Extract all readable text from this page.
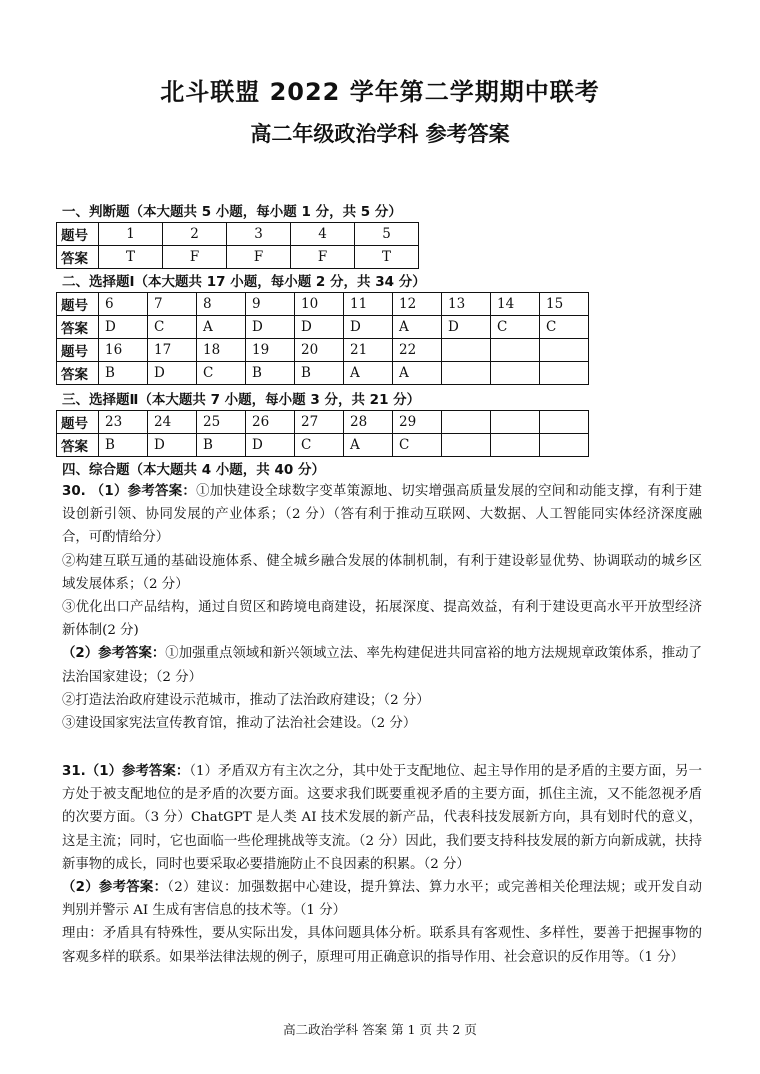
北斗联盟 2022 学年第二学期期中联考
高二年级政治学科 参考答案
一、判断题（本大题共 5 小题，每小题 1 分，共 5 分）
题号	1	2	3	4	5
答案	T	F	F	F	T
二、选择题Ⅰ（本大题共 17 小题，每小题 2 分，共 34 分）
题号	6	7	8	9	10	11	12	13	14	15
答案	D	C	A	D	D	D	A	D	C	C
题号	16	17	18	19	20	21	22			
答案	B	D	C	B	B	A	A			
三、选择题Ⅱ（本大题共 7 小题，每小题 3 分，共 21 分）
题号	23	24	25	26	27	28	29			
答案	B	D	B	D	C	A	C			
四、综合题（本大题共 4 小题，共 40 分）

30. （1）参考答案：①加快建设全球数字变革策源地、切实增强高质量发展的空间和动能支撑，有利于建设创新引领、协同发展的产业体系；（2 分）（答有利于推动互联网、大数据、人工智能同实体经济深度融合，可酌情给分）

②构建互联互通的基础设施体系、健全城乡融合发展的体制机制，有利于建设彰显优势、协调联动的城乡区域发展体系；（2 分）

③优化出口产品结构，通过自贸区和跨境电商建设，拓展深度、提高效益，有利于建设更高水平开放型经济新体制(2 分)

（2）参考答案：①加强重点领域和新兴领域立法、率先构建促进共同富裕的地方法规规章政策体系，推动了法治国家建设；（2 分）

②打造法治政府建设示范城市，推动了法治政府建设；（2 分）

③建设国家宪法宣传教育馆，推动了法治社会建设。（2 分）

31.（1）参考答案：（1）矛盾双方有主次之分，其中处于支配地位、起主导作用的是矛盾的主要方面，另一方处于被支配地位的是矛盾的次要方面。这要求我们既要重视矛盾的主要方面，抓住主流，又不能忽视矛盾的次要方面。（3 分）ChatGPT 是人类 AI 技术发展的新产品，代表科技发展新方向，具有划时代的意义，这是主流；同时，它也面临一些伦理挑战等支流。（2 分）因此，我们要支持科技发展的新方向新成就，扶持新事物的成长，同时也要采取必要措施防止不良因素的积累。（2 分）

（2）参考答案：（2）建议：加强数据中心建设，提升算法、算力水平；或完善相关伦理法规；或开发自动判别并警示 AI 生成有害信息的技术等。（1 分）

理由：矛盾具有特殊性，要从实际出发，具体问题具体分析。联系具有客观性、多样性，要善于把握事物的客观多样的联系。如果举法律法规的例子，原理可用正确意识的指导作用、社会意识的反作用等。（1 分）

高二政治学科 答案 第 1 页 共 2 页
